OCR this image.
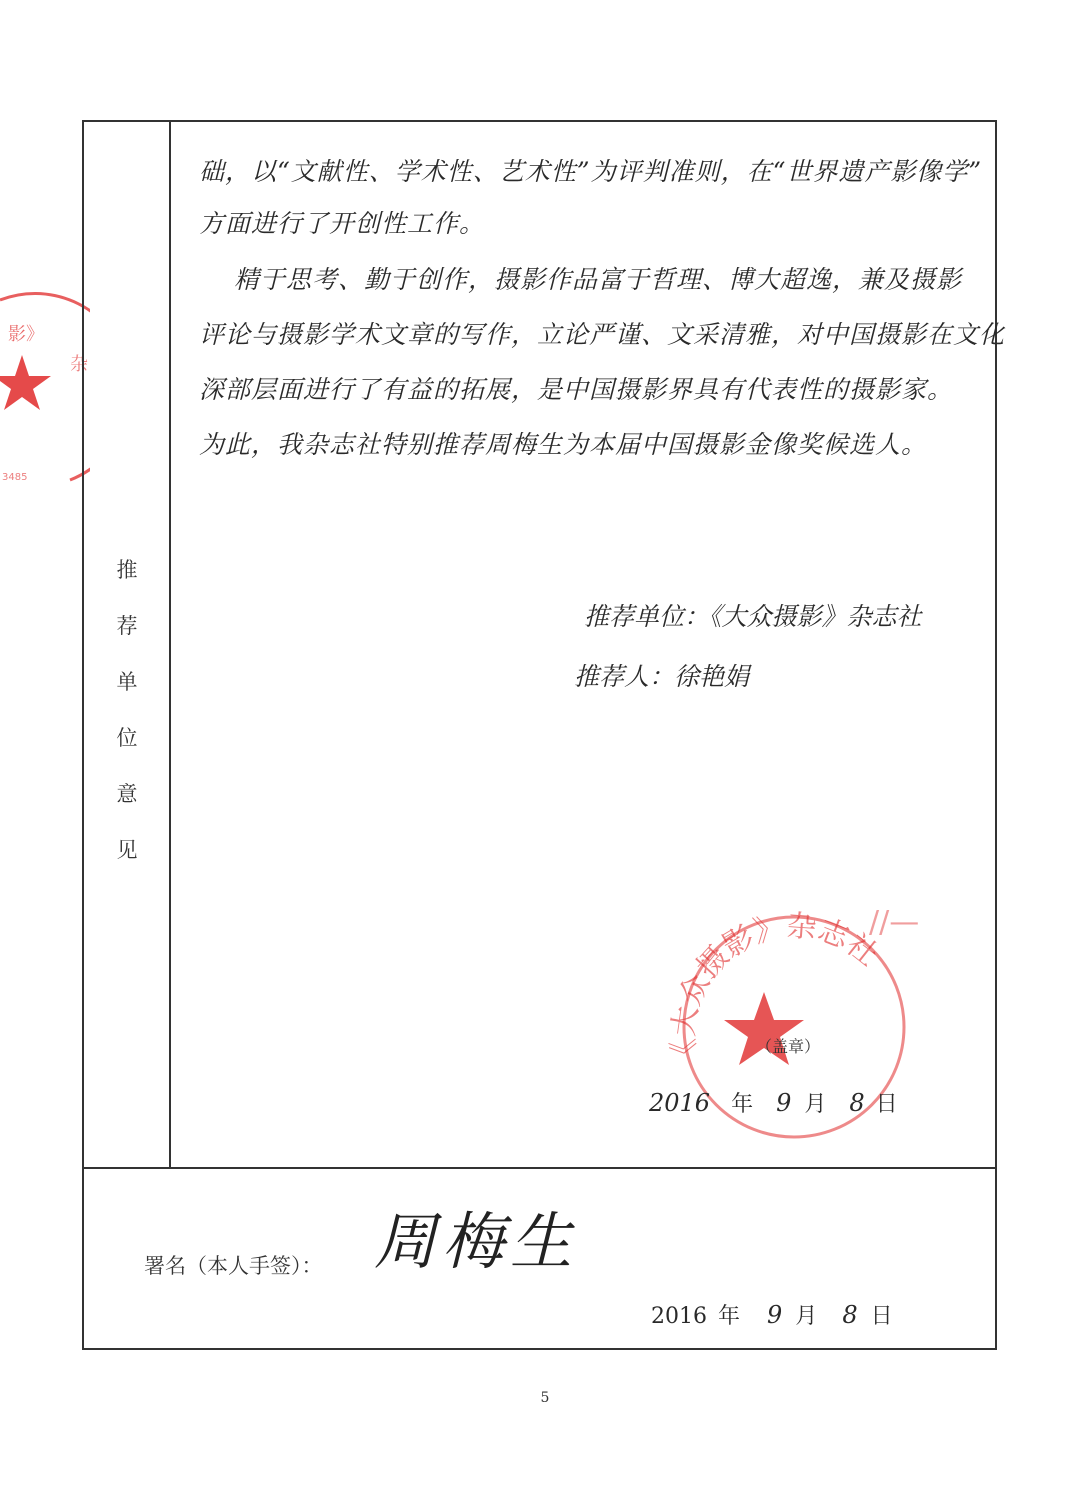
影》
杂
3485
推
荐
单
位
意
见
础，以“文献性、学术性、艺术性”为评判准则，在“世界遗产影像学”
方面进行了开创性工作。
精于思考、勤于创作，摄影作品富于哲理、博大超逸，兼及摄影
评论与摄影学术文章的写作，立论严谨、文采清雅，对中国摄影在文化
深部层面进行了有益的拓展，是中国摄影界具有代表性的摄影家。
为此，我杂志社特别推荐周梅生为本届中国摄影金像奖候选人。
推荐单位：《大众摄影》杂志社
推荐人：徐艳娟
《大众摄影》杂志社
//—
（盖章）
2016 年 9 月 8 日
署名（本人手签）： 周梅生
2016 年 9 月 8 日
5
